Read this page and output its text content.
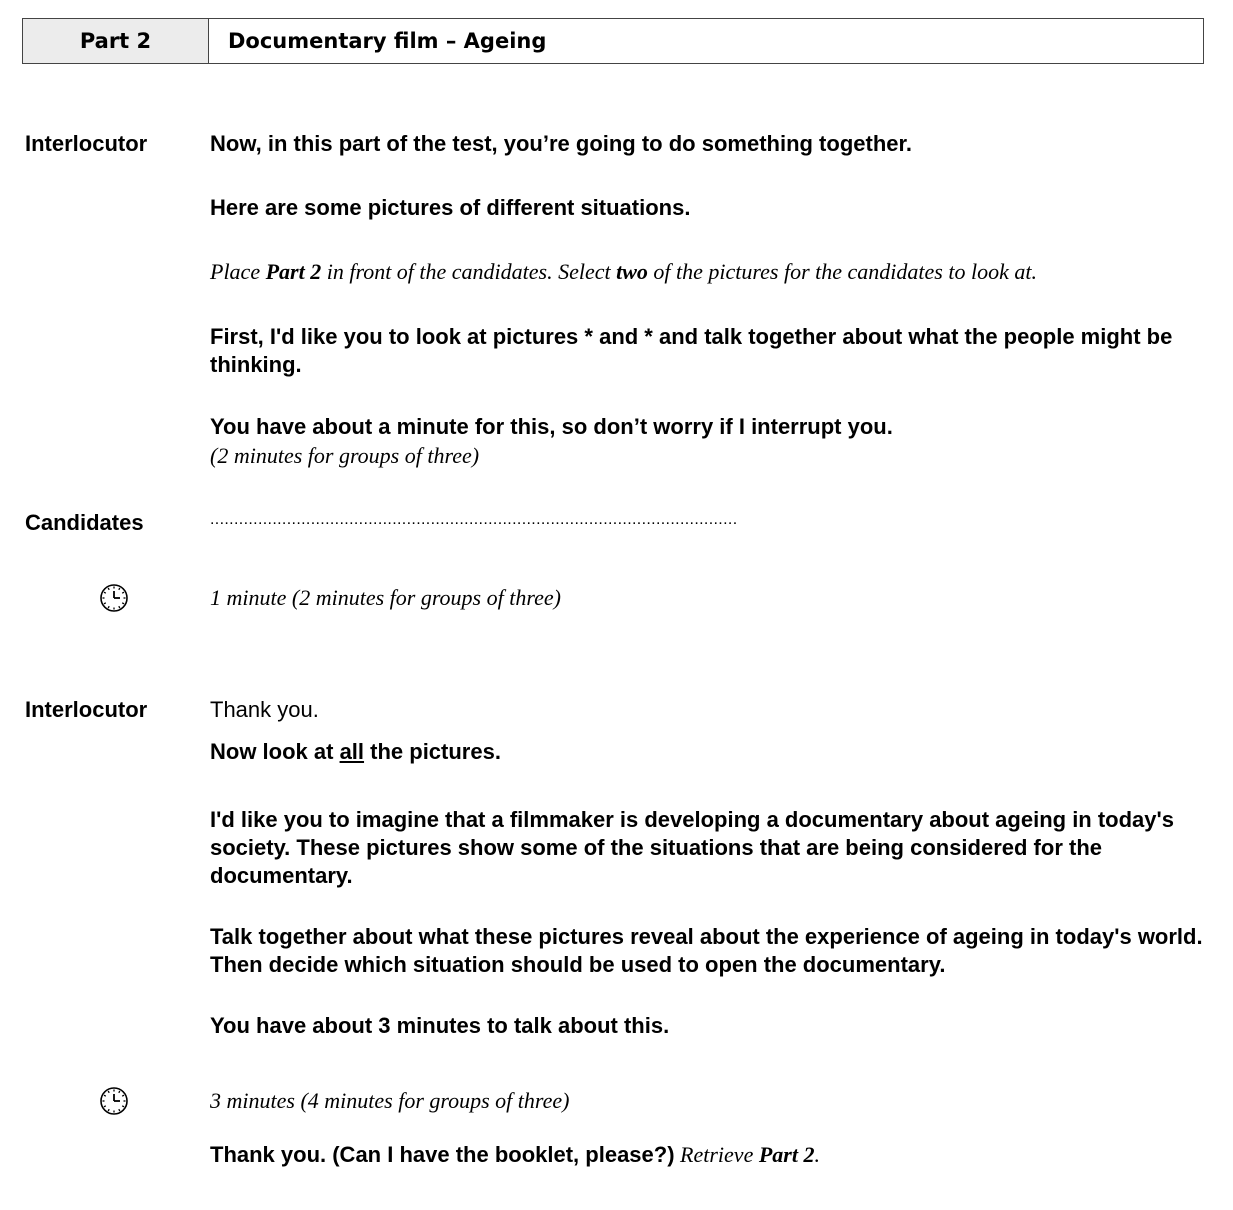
Part 2	Documentary film – Ageing

Interlocutor	Now, in this part of the test, you’re going to do something together.

Here are some pictures of different situations.

Place Part 2 in front of the candidates. Select two of the pictures for the candidates to look at.

First, I'd like you to look at pictures * and * and talk together about what the people might be thinking.

You have about a minute for this, so don’t worry if I interrupt you.

(2 minutes for groups of three)

Candidates	..............................................................................................................

1 minute (2 minutes for groups of three)

Interlocutor	Thank you.

Now look at all the pictures.

I'd like you to imagine that a filmmaker is developing a documentary about ageing in today's society. These pictures show some of the situations that are being considered for the documentary.

Talk together about what these pictures reveal about the experience of ageing in today's world. Then decide which situation should be used to open the documentary.

You have about 3 minutes to talk about this.

3 minutes (4 minutes for groups of three)

Thank you. (Can I have the booklet, please?) Retrieve Part 2.
